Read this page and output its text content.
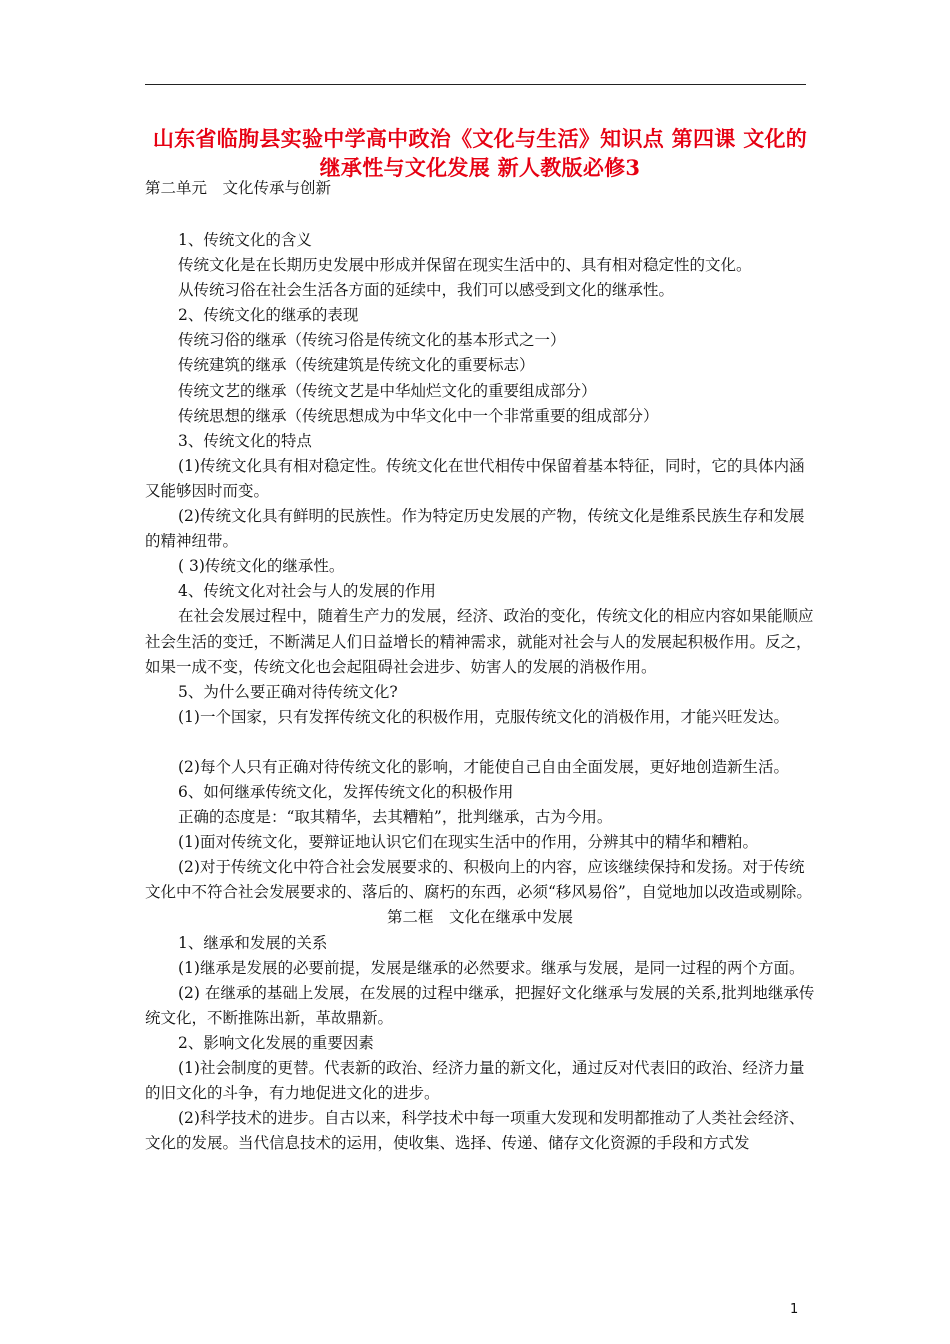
山东省临朐县实验中学高中政治《文化与生活》知识点 第四课 文化的继承性与文化发展 新人教版必修3
第二单元　文化传承与创新

1、传统文化的含义

传统文化是在长期历史发展中形成并保留在现实生活中的、具有相对稳定性的文化。

从传统习俗在社会生活各方面的延续中，我们可以感受到文化的继承性。

2、传统文化的继承的表现

传统习俗的继承（传统习俗是传统文化的基本形式之一）

传统建筑的继承（传统建筑是传统文化的重要标志）

传统文艺的继承（传统文艺是中华灿烂文化的重要组成部分）

传统思想的继承（传统思想成为中华文化中一个非常重要的组成部分）

3、传统文化的特点

(1)传统文化具有相对稳定性。传统文化在世代相传中保留着基本特征，同时，它的具体内涵又能够因时而变。

(2)传统文化具有鲜明的民族性。作为特定历史发展的产物，传统文化是维系民族生存和发展的精神纽带。

( 3)传统文化的继承性。

4、传统文化对社会与人的发展的作用

在社会发展过程中，随着生产力的发展，经济、政治的变化，传统文化的相应内容如果能顺应社会生活的变迁，不断满足人们日益增长的精神需求，就能对社会与人的发展起积极作用。反之，如果一成不变，传统文化也会起阻碍社会进步、妨害人的发展的消极作用。

5、为什么要正确对待传统文化?

(1)一个国家，只有发挥传统文化的积极作用，克服传统文化的消极作用，才能兴旺发达。

(2)每个人只有正确对待传统文化的影响，才能使自己自由全面发展，更好地创造新生活。

6、如何继承传统文化，发挥传统文化的积极作用

正确的态度是：“取其精华，去其糟粕”，批判继承，古为今用。

(1)面对传统文化，要辩证地认识它们在现实生活中的作用，分辨其中的精华和糟粕。

(2)对于传统文化中符合社会发展要求的、积极向上的内容，应该继续保持和发扬。对于传统文化中不符合社会发展要求的、落后的、腐朽的东西，必须“移风易俗”，自觉地加以改造或剔除。

第二框　文化在继承中发展

1、继承和发展的关系

(1)继承是发展的必要前提，发展是继承的必然要求。继承与发展，是同一过程的两个方面。

(2) 在继承的基础上发展，在发展的过程中继承，把握好文化继承与发展的关系,批判地继承传统文化，不断推陈出新，革故鼎新。

2、影响文化发展的重要因素

(1)社会制度的更替。代表新的政治、经济力量的新文化，通过反对代表旧的政治、经济力量的旧文化的斗争，有力地促进文化的进步。

(2)科学技术的进步。自古以来，科学技术中每一项重大发现和发明都推动了人类社会经济、文化的发展。当代信息技术的运用，使收集、选择、传递、储存文化资源的手段和方式发

1
